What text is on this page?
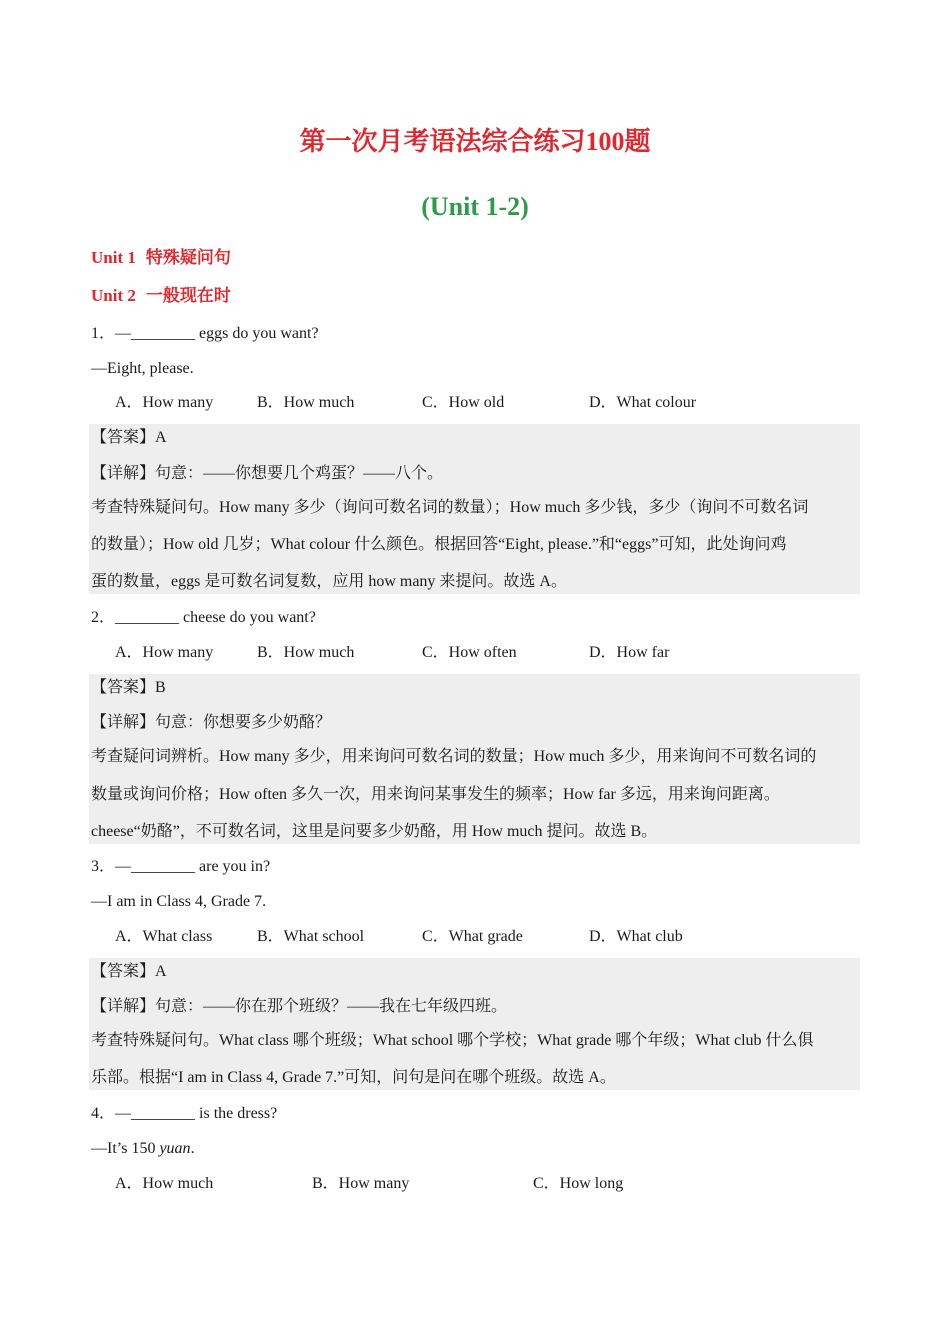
第一次月考语法综合练习100题
(Unit 1-2)
Unit 1 特殊疑问句
Unit 2 一般现在时
1．—________ eggs do you want?
—Eight, please.
A．How many	B．How much	C．How old	D．What colour
【答案】A
【详解】句意：——你想要几个鸡蛋？——八个。
考查特殊疑问句。How many 多少（询问可数名词的数量）；How much 多少钱，多少（询问不可数名词
的数量）；How old 几岁；What colour 什么颜色。根据回答“Eight, please.”和“eggs”可知，此处询问鸡
蛋的数量，eggs 是可数名词复数，应用 how many 来提问。故选 A。
2．________ cheese do you want?
A．How many	B．How much	C．How often	D．How far
【答案】B
【详解】句意：你想要多少奶酪？
考查疑问词辨析。How many 多少，用来询问可数名词的数量；How much 多少，用来询问不可数名词的
数量或询问价格；How often 多久一次，用来询问某事发生的频率；How far 多远，用来询问距离。
cheese“奶酪”，不可数名词，这里是问要多少奶酪，用 How much 提问。故选 B。
3．—________ are you in?
—I am in Class 4, Grade 7.
A．What class	B．What school	C．What grade	D．What club
【答案】A
【详解】句意：——你在那个班级？——我在七年级四班。
考查特殊疑问句。What class 哪个班级；What school 哪个学校；What grade 哪个年级；What club 什么俱
乐部。根据“I am in Class 4, Grade 7.”可知，问句是问在哪个班级。故选 A。
4．—________ is the dress?
—It’s 150 yuan.
A．How much	B．How many	C．How long
